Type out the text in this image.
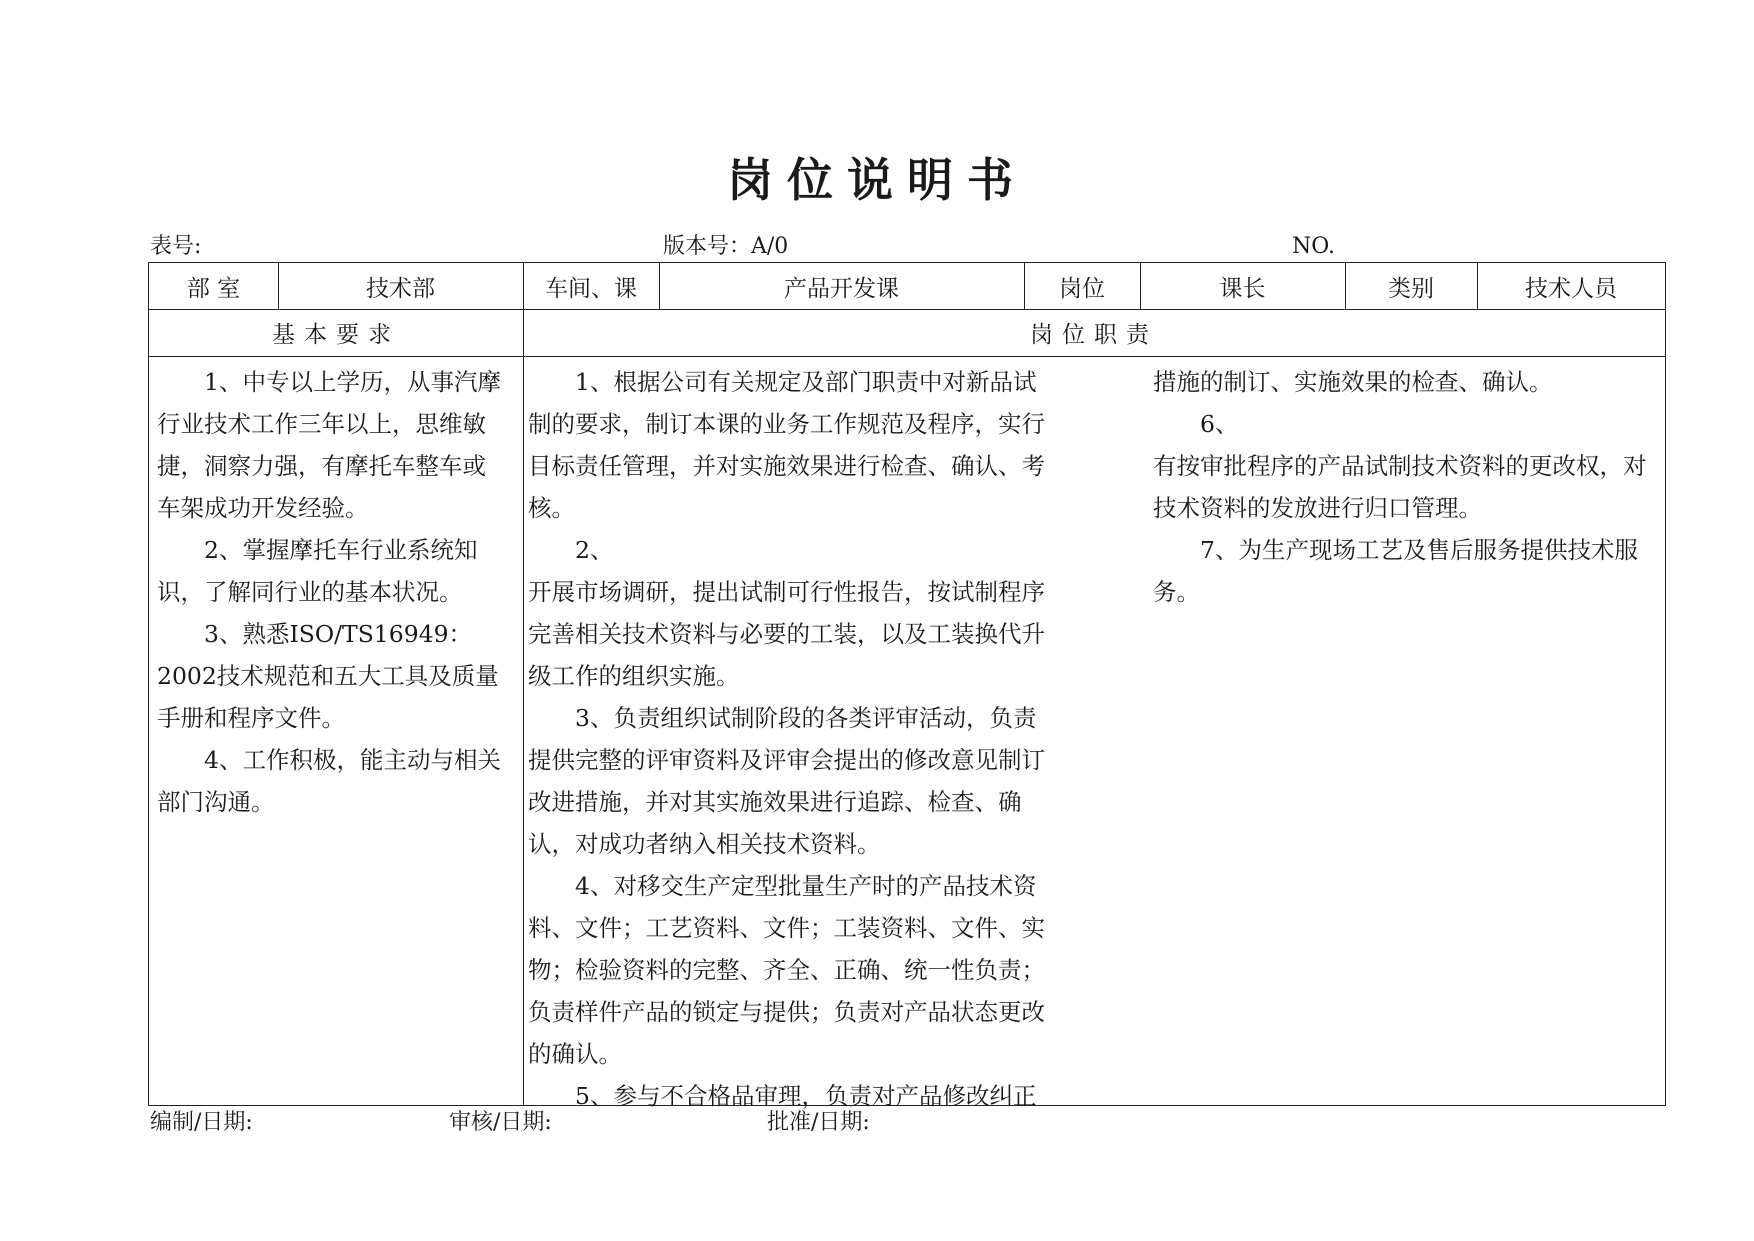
岗位说明书
表号:	版本号：A/0	NO.
部 室	技术部	车间、课	产品开发课	岗位	课长	类别	技术人员
基本要求	岗位职责

1、中专以上学历，从事汽摩行业技术工作三年以上，思维敏捷，洞察力强，有摩托车整车或车架成功开发经验。

2、掌握摩托车行业系统知识，了解同行业的基本状况。

3、熟悉ISO/TS16949：2002技术规范和五大工具及质量手册和程序文件。

4、工作积极，能主动与相关部门沟通。

1、根据公司有关规定及部门职责中对新品试制的要求，制订本课的业务工作规范及程序，实行目标责任管理，并对实施效果进行检查、确认、考核。

2、

开展市场调研，提出试制可行性报告，按试制程序完善相关技术资料与必要的工装，以及工装换代升级工作的组织实施。

3、负责组织试制阶段的各类评审活动，负责提供完整的评审资料及评审会提出的修改意见制订改进措施，并对其实施效果进行追踪、检查、确认，对成功者纳入相关技术资料。

4、对移交生产定型批量生产时的产品技术资料、文件；工艺资料、文件；工装资料、文件、实物；检验资料的完整、齐全、正确、统一性负责；负责样件产品的锁定与提供；负责对产品状态更改的确认。

5、参与不合格品审理，负责对产品修改纠正

措施的制订、实施效果的检查、确认。

6、

有按审批程序的产品试制技术资料的更改权，对技术资料的发放进行归口管理。

7、为生产现场工艺及售后服务提供技术服务。

编制/日期:	审核/日期:	批准/日期:
